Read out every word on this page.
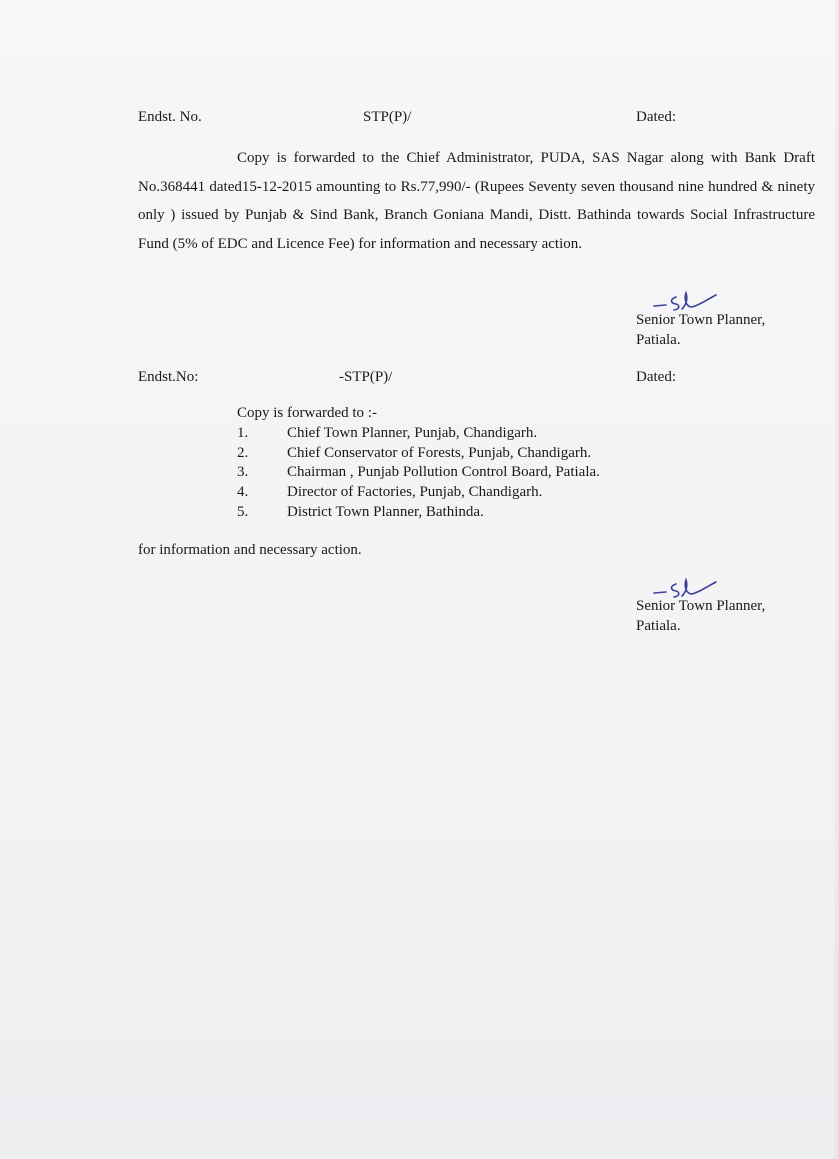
Endst. No.	STP(P)/	Dated:
Copy is forwarded to the Chief Administrator, PUDA, SAS Nagar along with Bank Draft No.368441 dated15-12-2015 amounting to Rs.77,990/- (Rupees Seventy seven thousand nine hundred & ninety only ) issued by Punjab & Sind Bank, Branch Goniana Mandi, Distt. Bathinda towards Social Infrastructure Fund (5% of EDC and Licence Fee) for information and necessary action.
Senior Town Planner,
Patiala.
Endst.No:	-STP(P)/	Dated:
Copy is forwarded to :-
1.	Chief Town Planner, Punjab, Chandigarh.
2.	Chief Conservator of Forests, Punjab, Chandigarh.
3.	Chairman , Punjab Pollution Control Board, Patiala.
4.	Director of Factories, Punjab, Chandigarh.
5.	District Town Planner, Bathinda.
for information and necessary action.
Senior Town Planner,
Patiala.
